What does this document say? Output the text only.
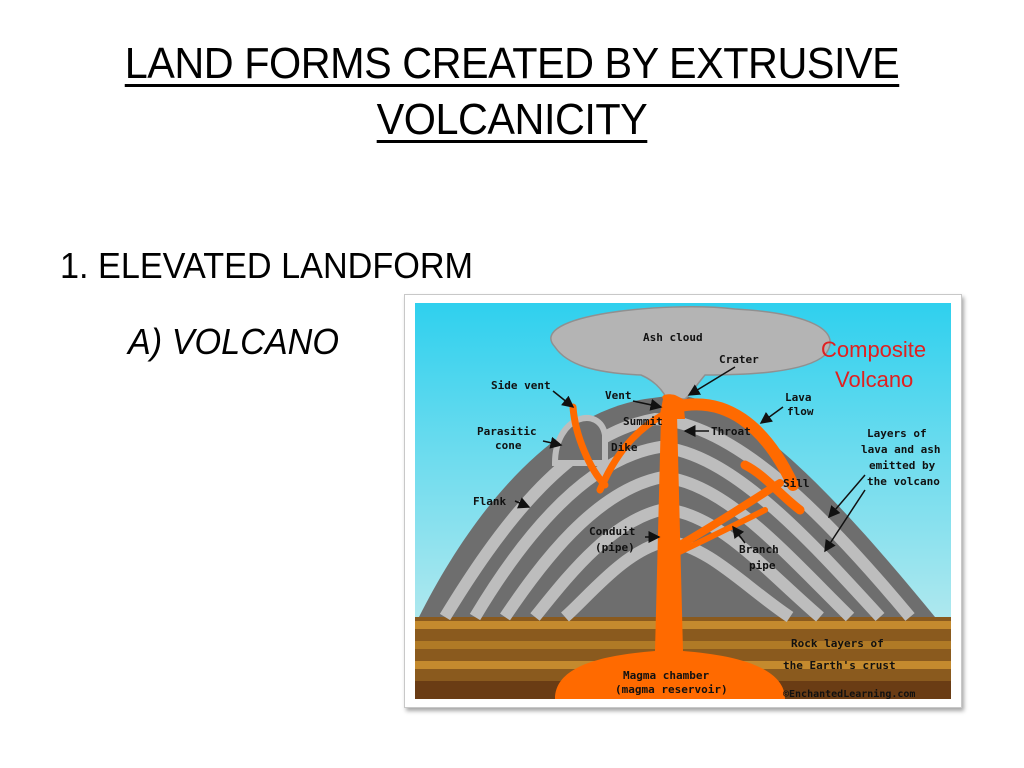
LAND FORMS CREATED BY EXTRUSIVE
VOLCANICITY
1. ELEVATED LANDFORM
A) VOLCANO	Composite
Volcano
Ash cloud
Crater
Side vent
Vent
Summit
Lava
flow
Parasitic
cone	Dike
Throat	Layers of
lava and ash
emitted by
the volcano
Sill
Flank
Conduit
(pipe)	Branch
pipe
Rock layers of
the Earth's crust
Magma chamber
(magma reservoir)	©EnchantedLearning.com
